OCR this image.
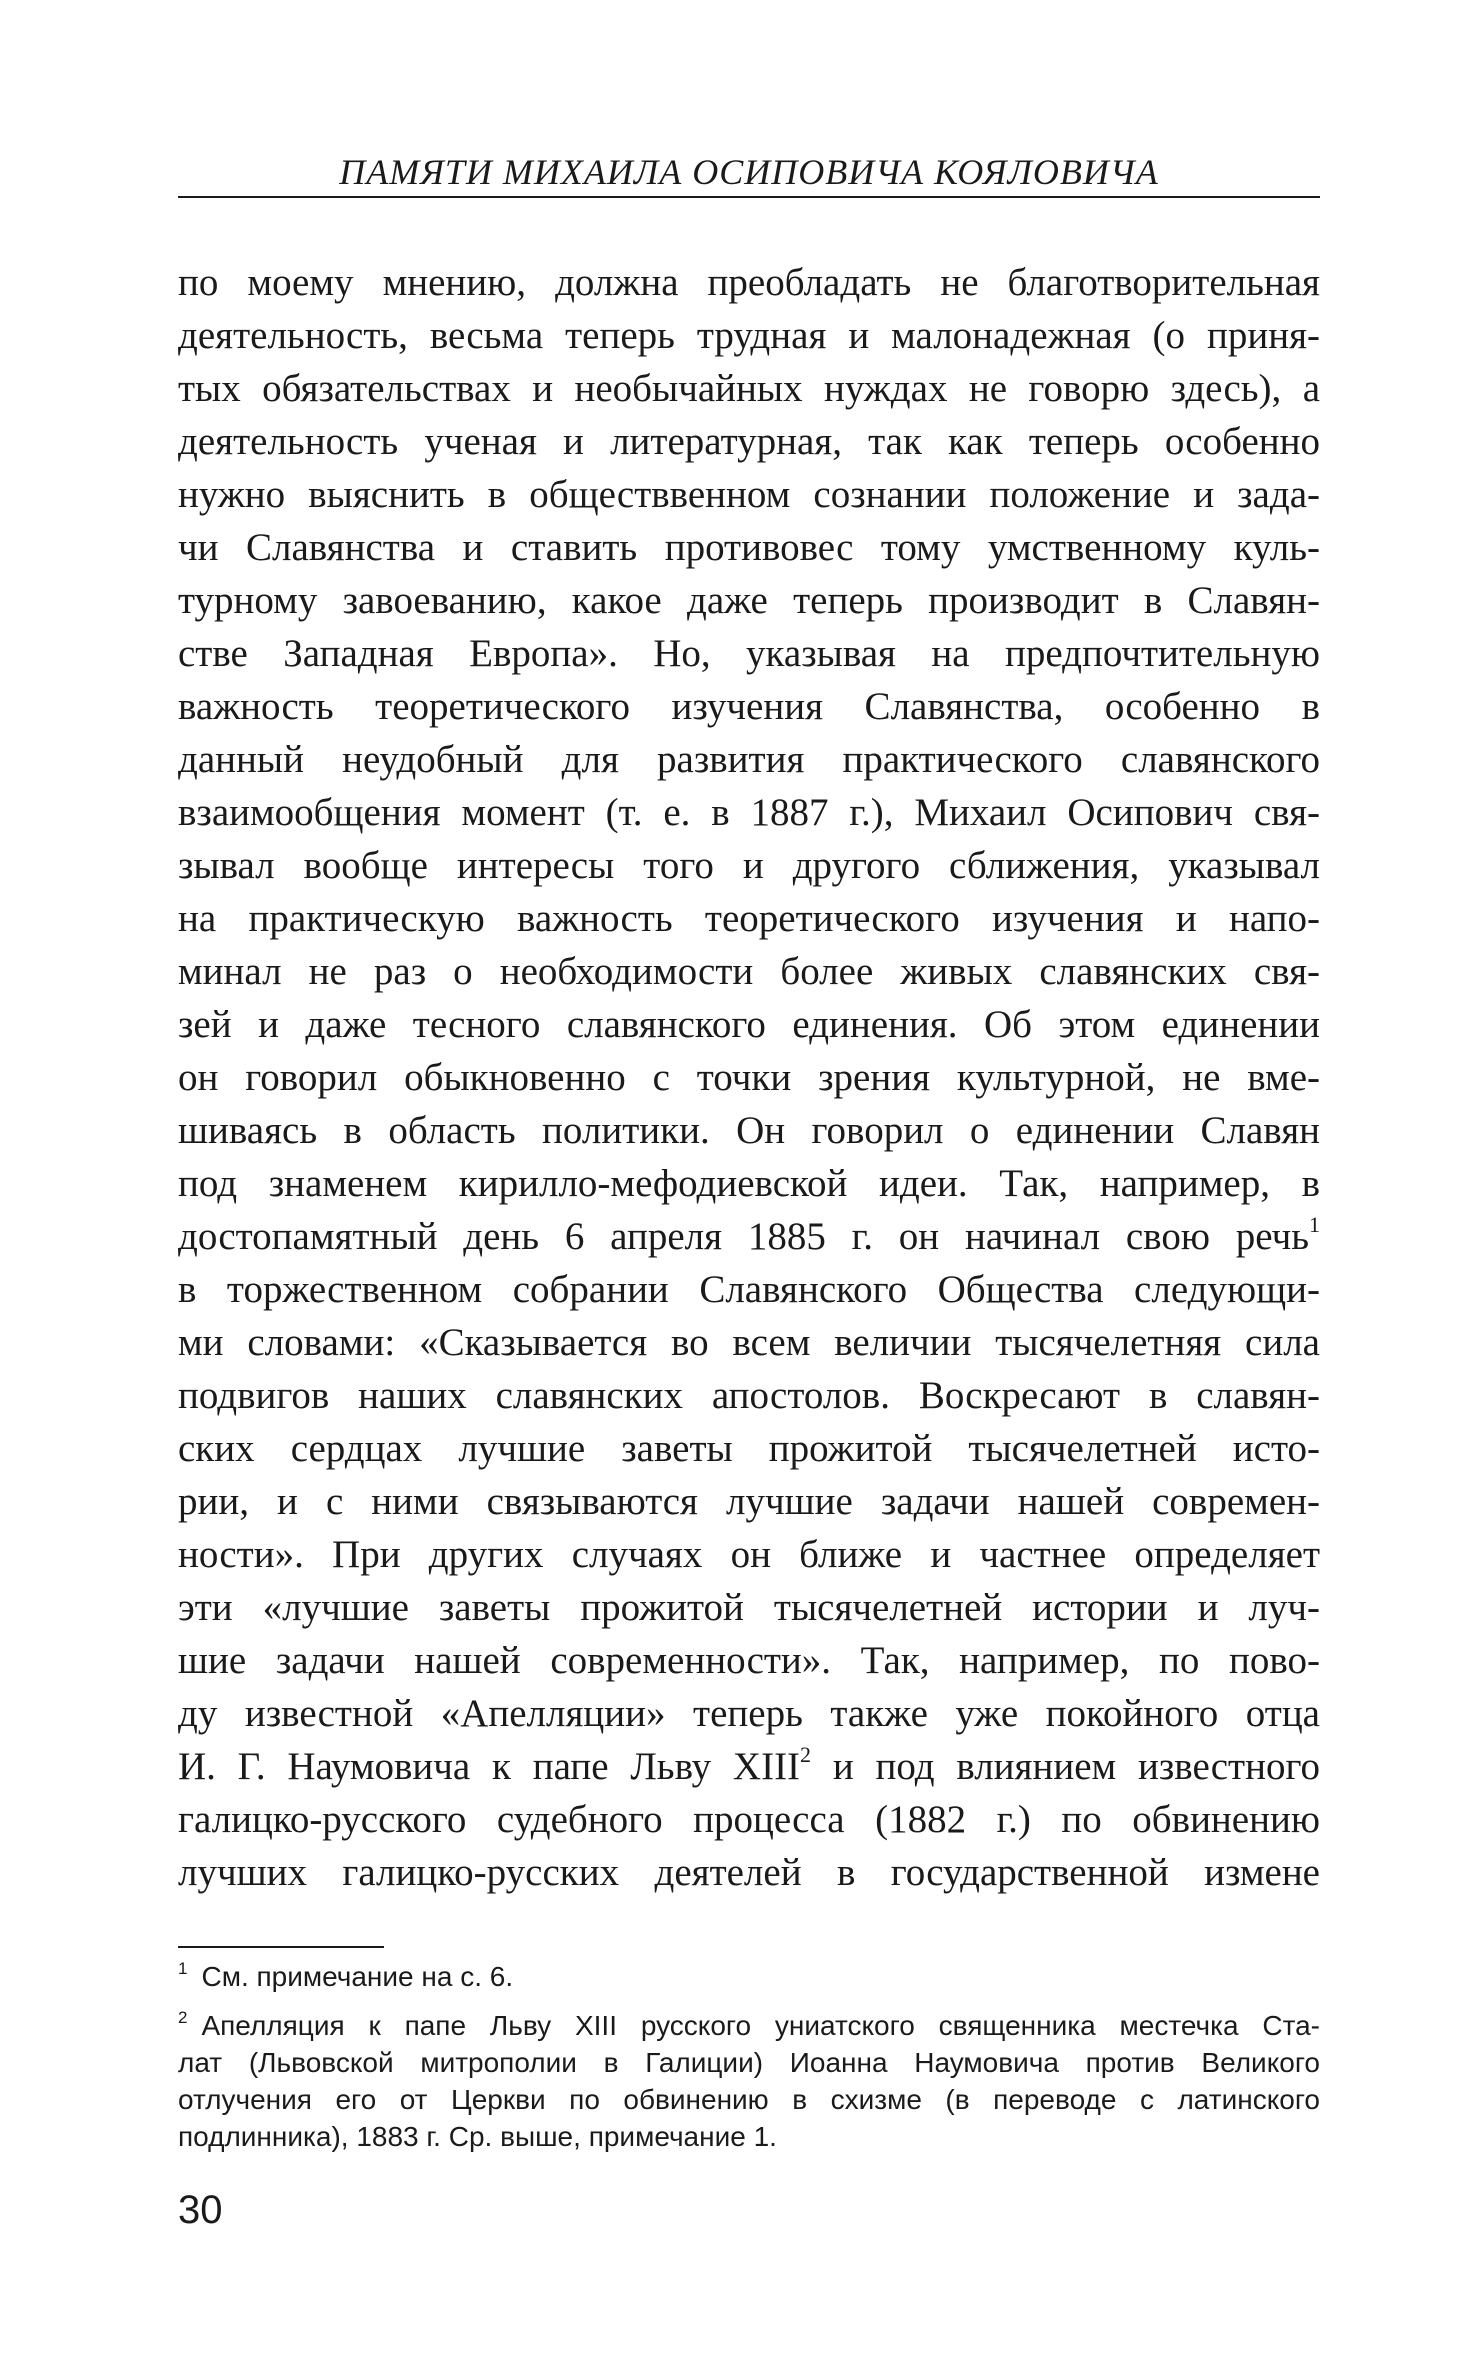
ПАМЯТИ МИХАИЛА ОСИПОВИЧА КОЯЛОВИЧА
по моему мнению, должна преобладать не благотворительная
деятельность, весьма теперь трудная и малонадежная (о приня-
тых обязательствах и необычайных нуждах не говорю здесь), а
деятельность ученая и литературная, так как теперь особенно
нужно выяснить в обществвенном сознании положение и зада-
чи Славянства и ставить противовес тому умственному куль-
турному завоеванию, какое даже теперь производит в Славян-
стве Западная Европа». Но, указывая на предпочтительную
важность теоретического изучения Славянства, особенно в
данный неудобный для развития практического славянского
взаимообщения момент (т. е. в 1887 г.), Михаил Осипович свя-
зывал вообще интересы того и другого сближения, указывал
на практическую важность теоретического изучения и напо-
минал не раз о необходимости более живых славянских свя-
зей и даже тесного славянского единения. Об этом единении
он говорил обыкновенно с точки зрения культурной, не вме-
шиваясь в область политики. Он говорил о единении Славян
под знаменем кирилло-мефодиевской идеи. Так, например, в
достопамятный день 6 апреля 1885 г. он начинал свою речь$^1$
в торжественном собрании Славянского Общества следующи-
ми словами: «Сказывается во всем величии тысячелетняя сила
подвигов наших славянских апостолов. Воскресают в славян-
ских сердцах лучшие заветы прожитой тысячелетней исто-
рии, и с ними связываются лучшие задачи нашей современ-
ности». При других случаях он ближе и частнее определяет
эти «лучшие заветы прожитой тысячелетней истории и луч-
шие задачи нашей современности». Так, например, по пово-
ду известной «Апелляции» теперь также уже покойного отца
И. Г. Наумовича к папе Льву XIII$^2$ и под влиянием известного
галицко-русского судебного процесса (1882 г.) по обвинению
лучших галицко-русских деятелей в государственной измене
$^1$ См. примечание на с. 6.
$^2$ Апелляция к папе Льву XIII русского униатского священника местечка Ста-
лат (Львовской митрополии в Галиции) Иоанна Наумовича против Великого
отлучения его от Церкви по обвинению в схизме (в переводе с латинского
подлинника), 1883 г. Ср. выше, примечание 1.
30
